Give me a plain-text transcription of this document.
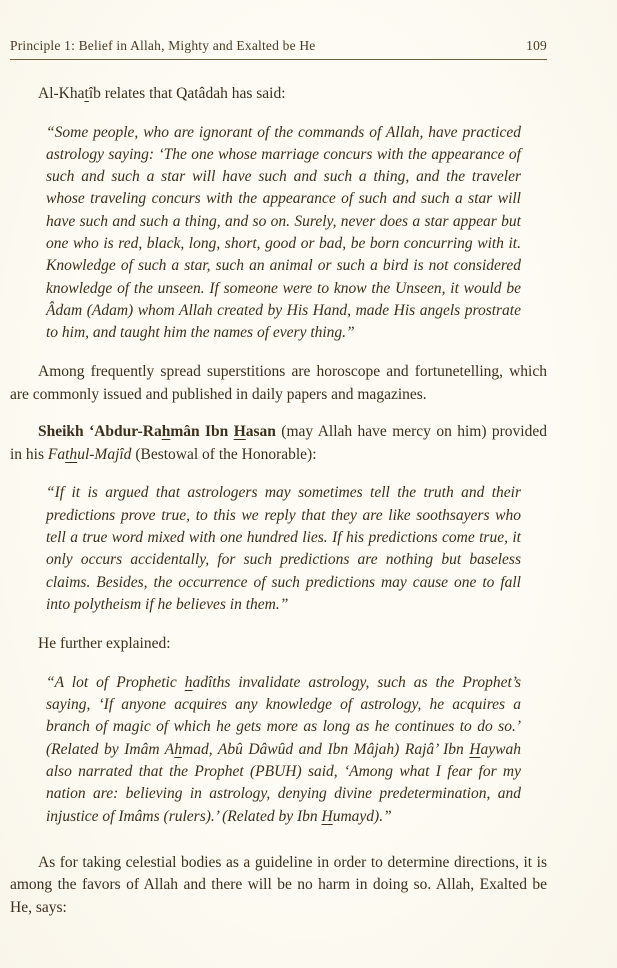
Principle 1: Belief in Allah, Mighty and Exalted be He	109

Al-Khatîb relates that Qatâdah has said:

“Some people, who are ignorant of the commands of Allah, have practiced astrology saying: ‘The one whose marriage concurs with the appearance of such and such a star will have such and such a thing, and the traveler whose traveling concurs with the appearance of such and such a star will have such and such a thing, and so on. Surely, never does a star appear but one who is red, black, long, short, good or bad, be born concurring with it. Knowledge of such a star, such an animal or such a bird is not considered knowledge of the unseen. If someone were to know the Unseen, it would be Âdam (Adam) whom Allah created by His Hand, made His angels prostrate to him, and taught him the names of every thing.”

Among frequently spread superstitions are horoscope and fortunetelling, which are commonly issued and published in daily papers and magazines.

Sheikh ‘Abdur-Rahmân Ibn Hasan (may Allah have mercy on him) provided in his Fathul-Majîd (Bestowal of the Honorable):

“If it is argued that astrologers may sometimes tell the truth and their predictions prove true, to this we reply that they are like soothsayers who tell a true word mixed with one hundred lies. If his predictions come true, it only occurs accidentally, for such predictions are nothing but baseless claims. Besides, the occurrence of such predictions may cause one to fall into polytheism if he believes in them.”

He further explained:

“A lot of Prophetic hadîths invalidate astrology, such as the Prophet’s saying, ‘If anyone acquires any knowledge of astrology, he acquires a branch of magic of which he gets more as long as he continues to do so.’ (Related by Imâm Ahmad, Abû Dâwûd and Ibn Mâjah) Rajâ’ Ibn Haywah also narrated that the Prophet (PBUH) said, ‘Among what I fear for my nation are: believing in astrology, denying divine predetermination, and injustice of Imâms (rulers).’ (Related by Ibn Humayd).”

As for taking celestial bodies as a guideline in order to determine directions, it is among the favors of Allah and there will be no harm in doing so. Allah, Exalted be He, says:
